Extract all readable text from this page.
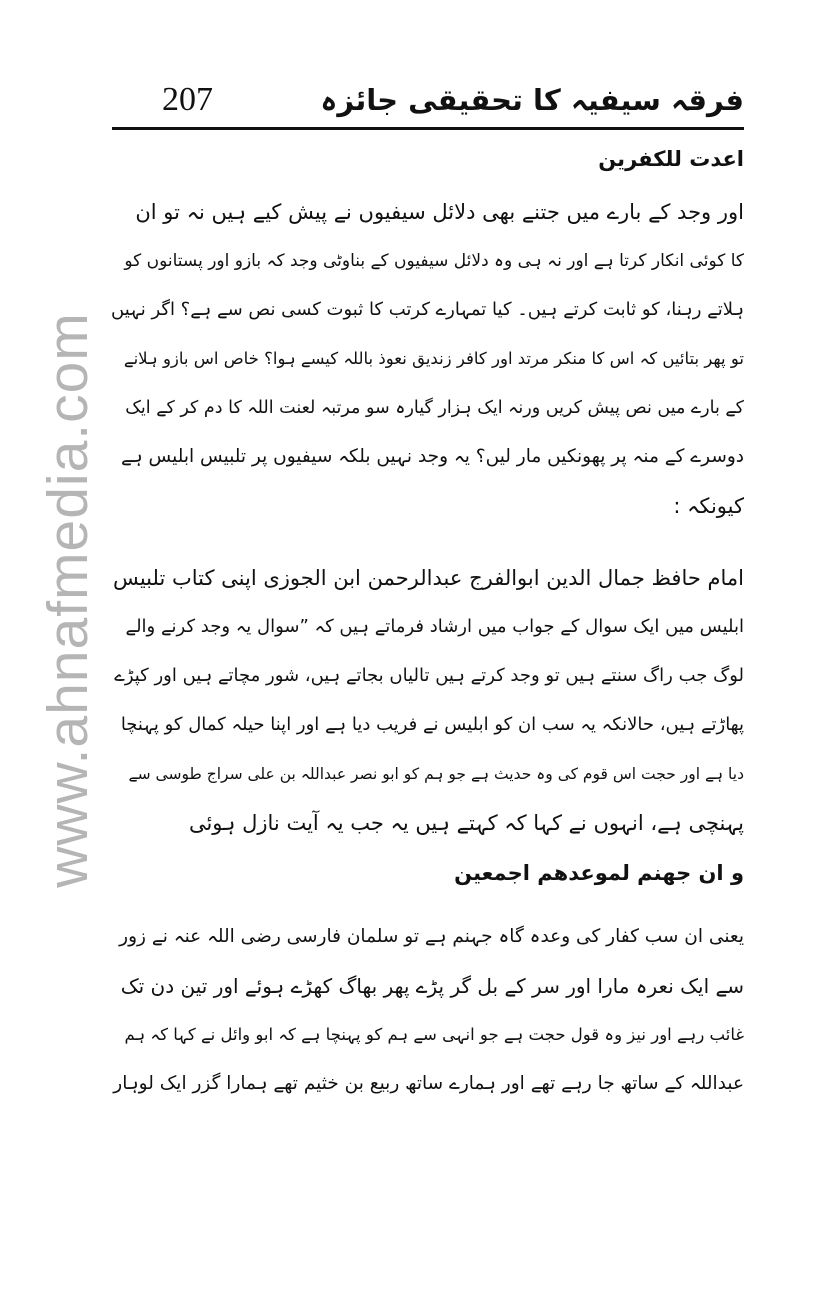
www.ahnafmedia.com
207	فرقہ سیفیہ کا تحقیقی جائزہ
اعدت للکفرین
اور وجد کے بارے میں جتنے بھی دلائل سیفیوں نے پیش کیے ہیں نہ تو ان
کا کوئی انکار کرتا ہے اور نہ ہی وہ دلائل سیفیوں کے بناوٹی وجد کہ بازو اور پستانوں کو
ہلاتے رہنا، کو ثابت کرتے ہیں۔ کیا تمہارے کرتب کا ثبوت کسی نص سے ہے؟ اگر نہیں
تو پھر بتائیں کہ اس کا منکر مرتد اور کافر زندیق نعوذ باللہ کیسے ہوا؟ خاص اس بازو ہلانے
کے بارے میں نص پیش کریں ورنہ ایک ہزار گیارہ سو مرتبہ لعنت اللہ کا دم کر کے ایک
دوسرے کے منہ پر پھونکیں مار لیں؟ یہ وجد نہیں بلکہ سیفیوں پر تلبیس ابلیس ہے
کیونکہ :
امام حافظ جمال الدین ابوالفرج عبدالرحمن ابن الجوزی اپنی کتاب تلبیس
ابلیس میں ایک سوال کے جواب میں ارشاد فرماتے ہیں کہ ”سوال یہ وجد کرنے والے
لوگ جب راگ سنتے ہیں تو وجد کرتے ہیں تالیاں بجاتے ہیں، شور مچاتے ہیں اور کپڑے
پھاڑتے ہیں، حالانکہ یہ سب ان کو ابلیس نے فریب دیا ہے اور اپنا حیلہ کمال کو پہنچا
دیا ہے اور حجت اس قوم کی وہ حدیث ہے جو ہم کو ابو نصر عبداللہ بن علی سراج طوسی سے
پہنچی ہے، انہوں نے کہا کہ کہتے ہیں یہ جب یہ آیت نازل ہوئی
و ان جھنم لموعدھم اجمعین
یعنی ان سب کفار کی وعدہ گاہ جہنم ہے تو سلمان فارسی رضی اللہ عنہ نے زور
سے ایک نعرہ مارا اور سر کے بل گر پڑے پھر بھاگ کھڑے ہوئے اور تین دن تک
غائب رہے اور نیز وہ قول حجت ہے جو انہی سے ہم کو پہنچا ہے کہ ابو وائل نے کہا کہ ہم
عبداللہ کے ساتھ جا رہے تھے اور ہمارے ساتھ ربیع بن خثیم تھے ہمارا گزر ایک لوہار
